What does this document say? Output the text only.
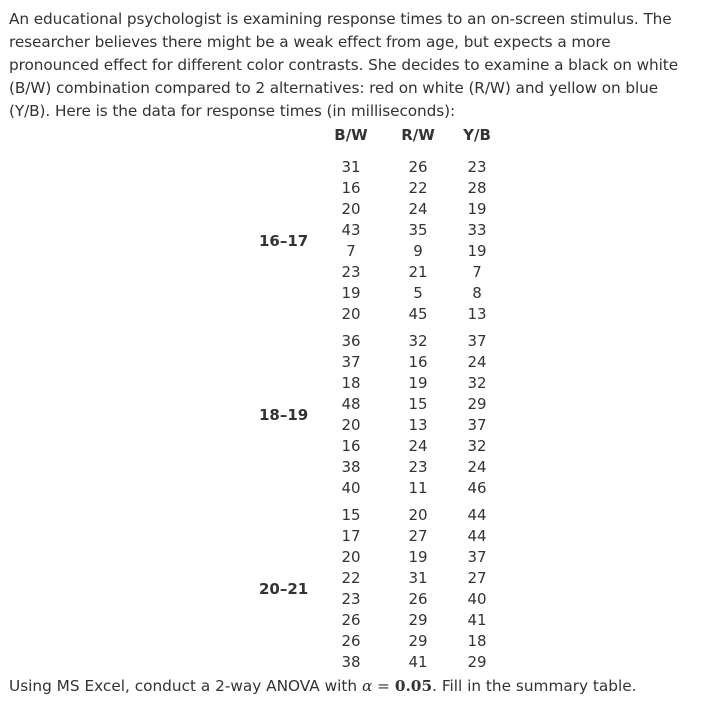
An educational psychologist is examining response times to an on-screen stimulus. The researcher believes there might be a weak effect from age, but expects a more pronounced effect for different color contrasts. She decides to examine a black on white (B/W) combination compared to 2 alternatives: red on white (R/W) and yellow on blue (Y/B). Here is the data for response times (in milliseconds):

	B/W	R/W	Y/B
16–17	31	26	23
	16	22	28
	20	24	19
	43	35	33
	7	9	19
	23	21	7
	19	5	8
	20	45	13
18–19	36	32	37
	37	16	24
	18	19	32
	48	15	29
	20	13	37
	16	24	32
	38	23	24
	40	11	46
20–21	15	20	44
	17	27	44
	20	19	37
	22	31	27
	23	26	40
	26	29	41
	26	29	18
	38	41	29

Using MS Excel, conduct a 2-way ANOVA with α = 0.05. Fill in the summary table.
